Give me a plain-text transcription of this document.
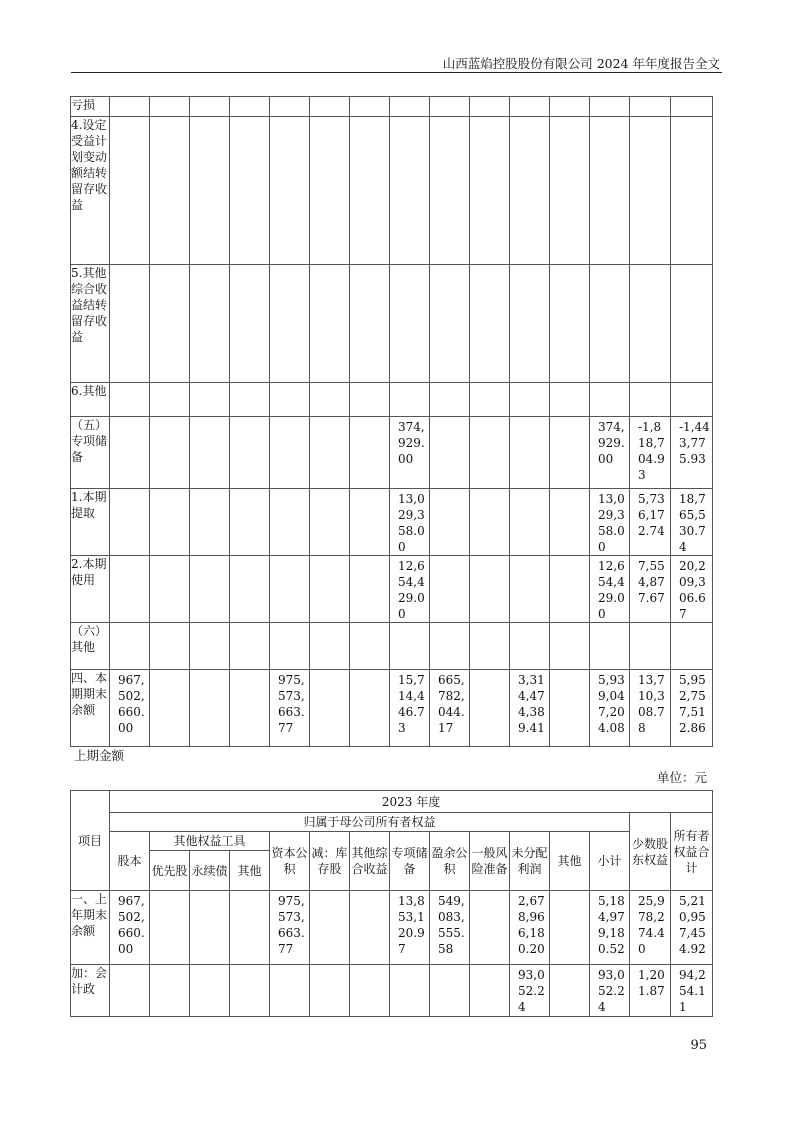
山西蓝焰控股股份有限公司 2024 年年度报告全文
亏损															
4.设定受益计划变动额结转留存收益															
5.其他综合收益结转留存收益															
6.其他															
（五）专项储备								374,929.00					374,929.00	-1,818,704.93	-1,443,775.93
1.本期提取								13,029,358.00					13,029,358.00	5,736,172.74	18,765,530.74
2.本期使用								12,654,429.00					12,654,429.00	7,554,877.67	20,209,306.67
（六）其他															
四、本期期末余额	967,502,660.00				975,573,663.77			15,714,446.73	665,782,044.17		3,314,474,389.41		5,939,047,204.08	13,710,308.78	5,952,757,512.86
上期金额
单位：元
项目	2023 年度														
	归属于母公司所有者权益													少数股东权益	所有者权益合计
	股本	其他权益工具			资本公积	减：库存股	其他综合收益	专项储备	盈余公积	一般风险准备	未分配利润	其他	小计		
		优先股	永续债	其他											
一、上年期末余额	967,502,660.00				975,573,663.77			13,853,120.97	549,083,555.58		2,678,966,180.20		5,184,979,180.52	25,978,274.40	5,210,957,454.92
加：会计政											93,052.24		93,052.24	1,201.87	94,254.11
95
